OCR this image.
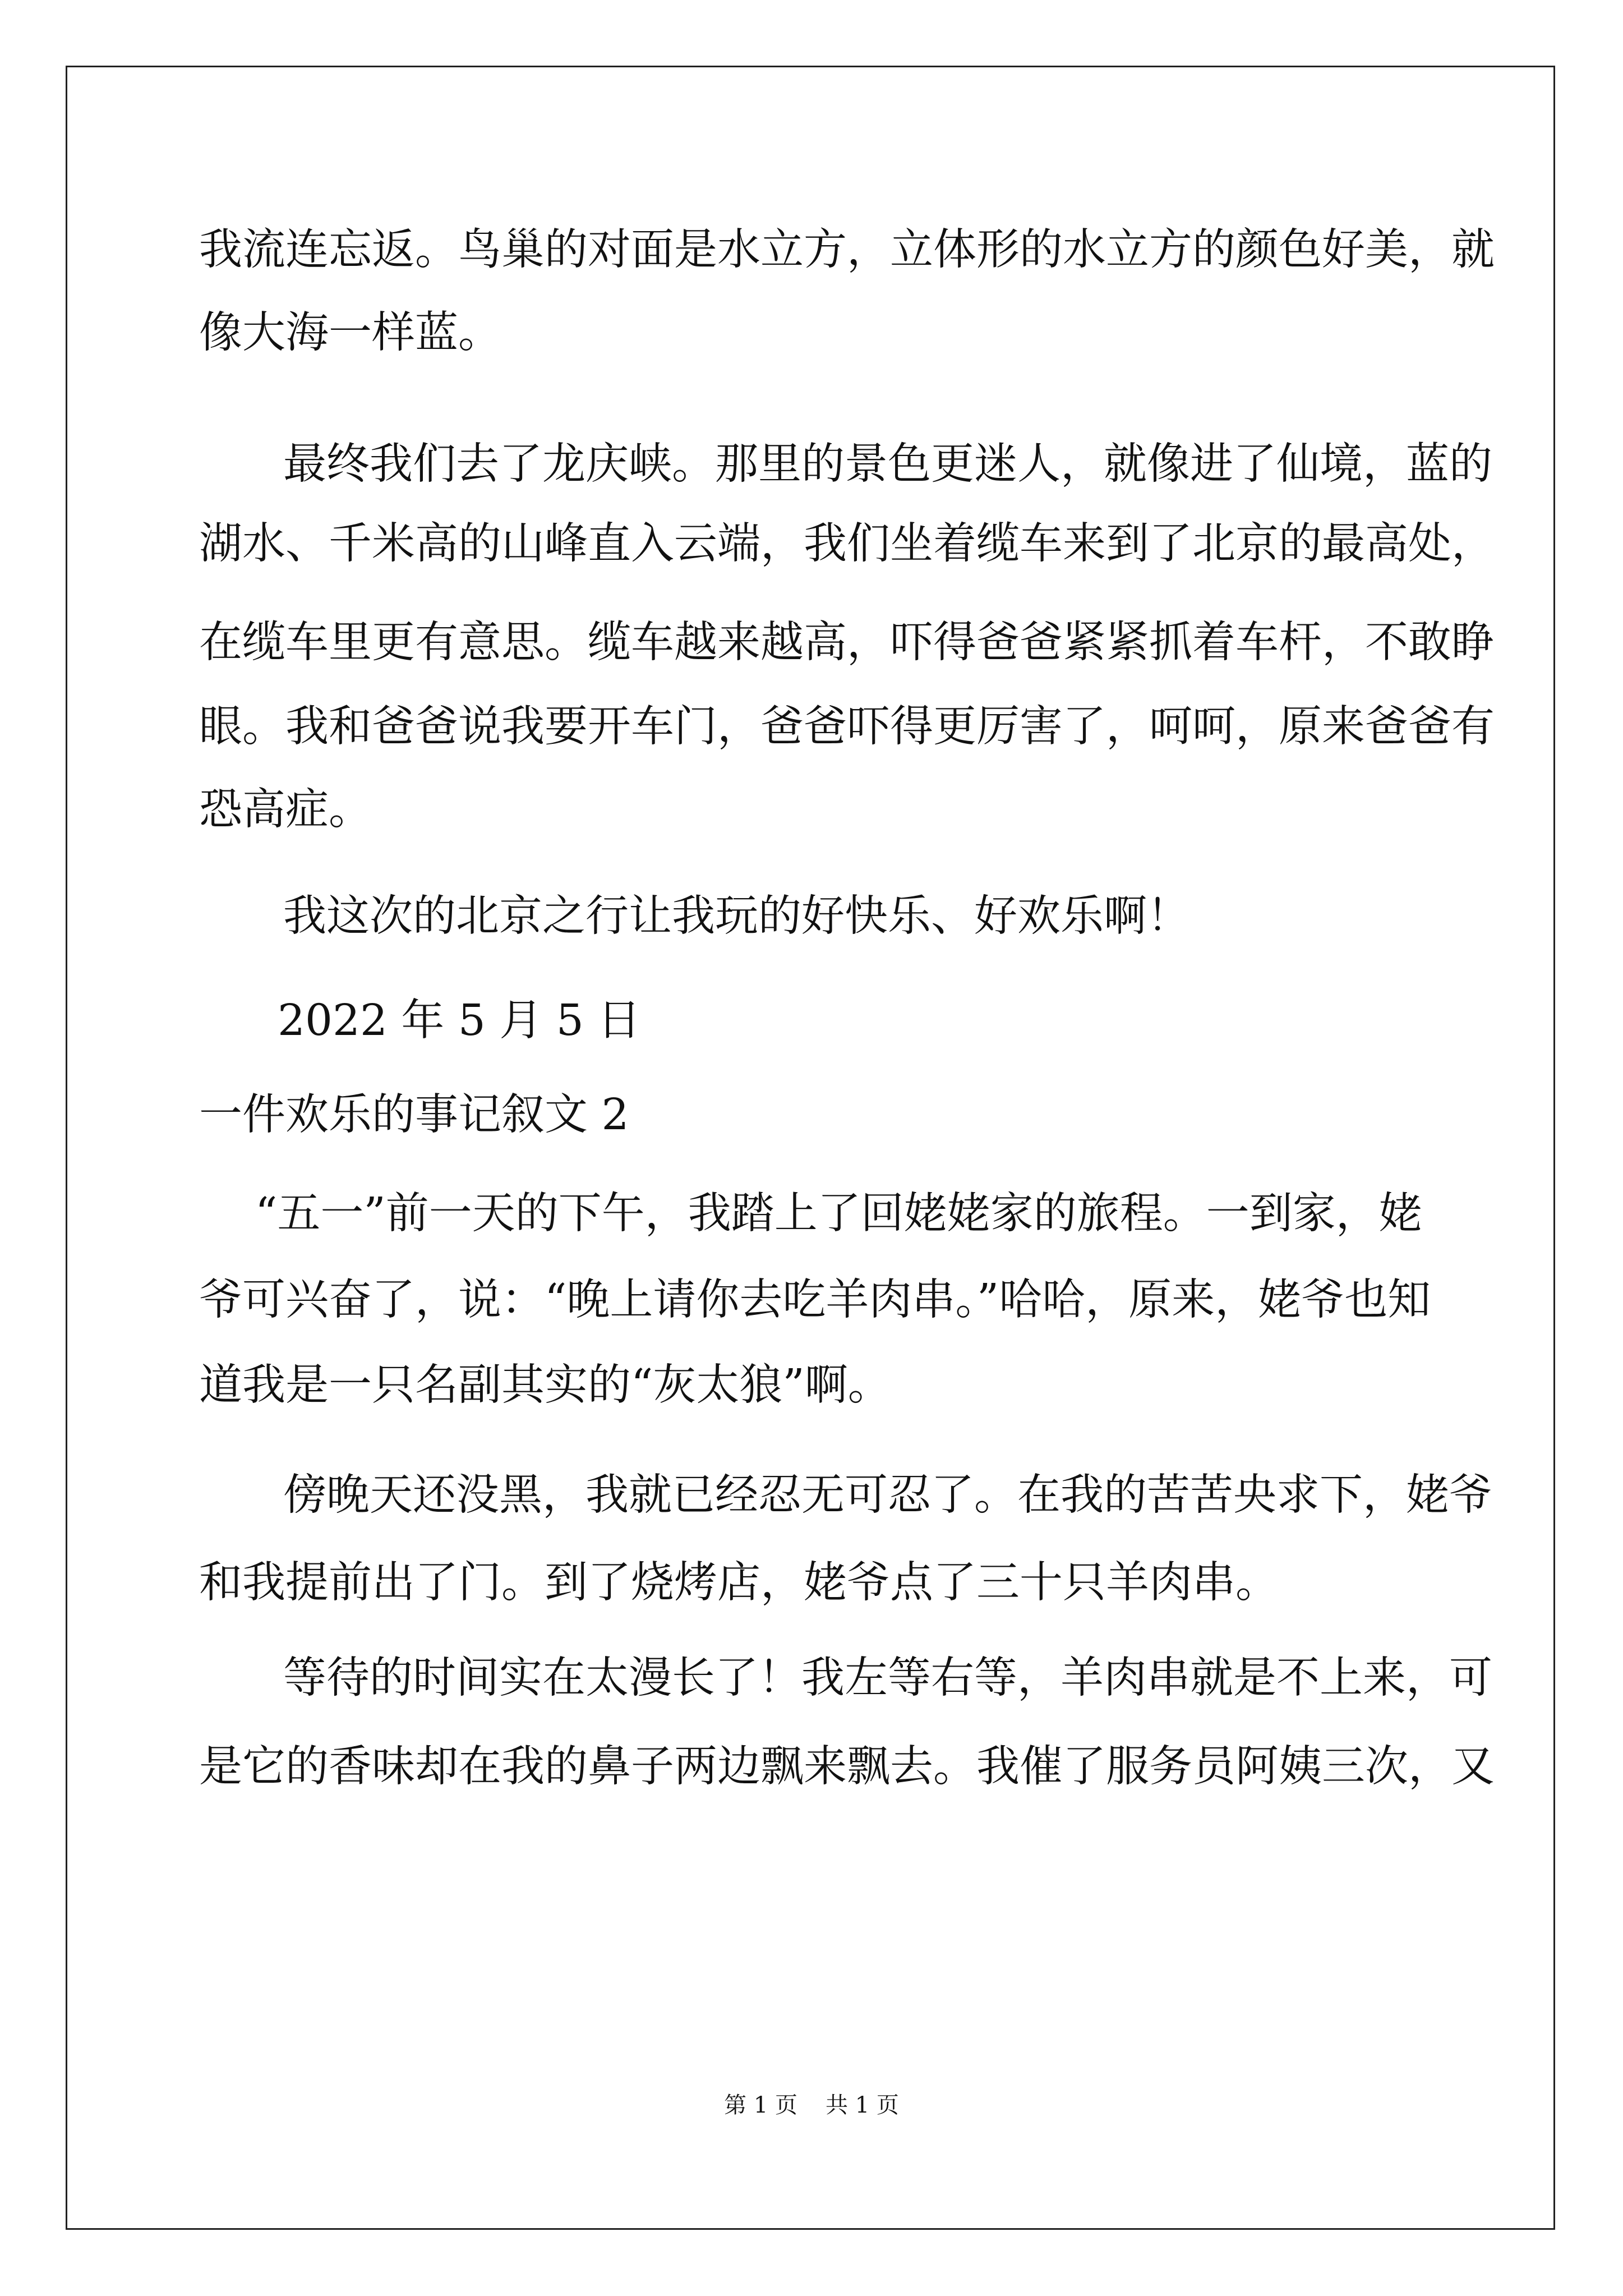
我流连忘返。鸟巢的对面是水立方，立体形的水立方的颜色好美，就
像大海一样蓝。
最终我们去了龙庆峡。那里的景色更迷人，就像进了仙境，蓝的
湖水、千米高的山峰直入云端，我们坐着缆车来到了北京的最高处，
在缆车里更有意思。缆车越来越高，吓得爸爸紧紧抓着车杆，不敢睁
眼。我和爸爸说我要开车门，爸爸吓得更厉害了，呵呵，原来爸爸有
恐高症。
我这次的北京之行让我玩的好快乐、好欢乐啊！
2022 年 5 月 5 日
一件欢乐的事记叙文 2
“五一”前一天的下午，我踏上了回姥姥家的旅程。一到家，姥
爷可兴奋了，说：“晚上请你去吃羊肉串。”哈哈，原来，姥爷也知
道我是一只名副其实的“灰太狼”啊。
傍晚天还没黑，我就已经忍无可忍了。在我的苦苦央求下，姥爷
和我提前出了门。到了烧烤店，姥爷点了三十只羊肉串。
等待的时间实在太漫长了！我左等右等，羊肉串就是不上来，可
是它的香味却在我的鼻子两边飘来飘去。我催了服务员阿姨三次，又
第 1 页 共 1 页
